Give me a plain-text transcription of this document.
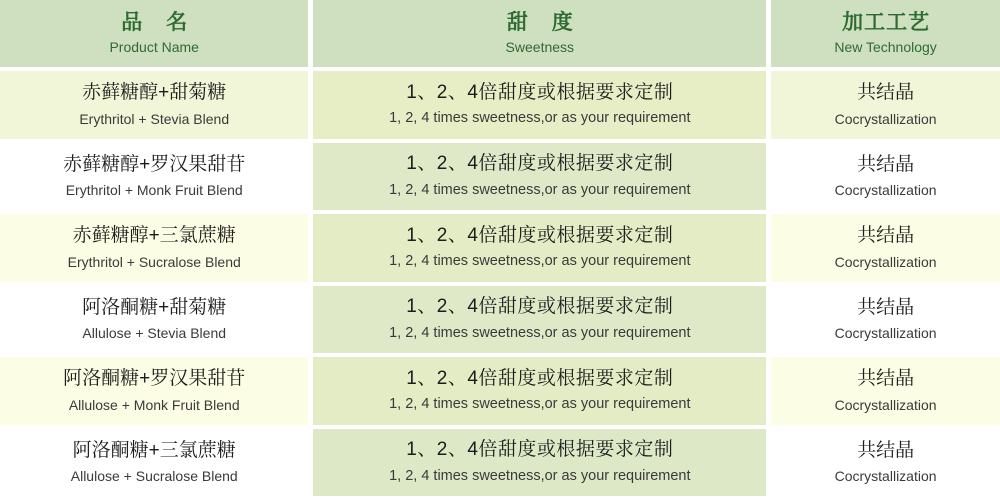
品 名
Product Name
甜 度
Sweetness
加工工艺
New Technology
赤藓糖醇+甜菊糖
Erythritol + Stevia Blend
1、2、4倍甜度或根据要求定制
1, 2, 4 times sweetness,or as your requirement
共结晶
Cocrystallization
赤藓糖醇+罗汉果甜苷
Erythritol + Monk Fruit Blend
1、2、4倍甜度或根据要求定制
1, 2, 4 times sweetness,or as your requirement
共结晶
Cocrystallization
赤藓糖醇+三氯蔗糖
Erythritol + Sucralose Blend
1、2、4倍甜度或根据要求定制
1, 2, 4 times sweetness,or as your requirement
共结晶
Cocrystallization
阿洛酮糖+甜菊糖
Allulose + Stevia Blend
1、2、4倍甜度或根据要求定制
1, 2, 4 times sweetness,or as your requirement
共结晶
Cocrystallization
阿洛酮糖+罗汉果甜苷
Allulose + Monk Fruit Blend
1、2、4倍甜度或根据要求定制
1, 2, 4 times sweetness,or as your requirement
共结晶
Cocrystallization
阿洛酮糖+三氯蔗糖
Allulose + Sucralose Blend
1、2、4倍甜度或根据要求定制
1, 2, 4 times sweetness,or as your requirement
共结晶
Cocrystallization
